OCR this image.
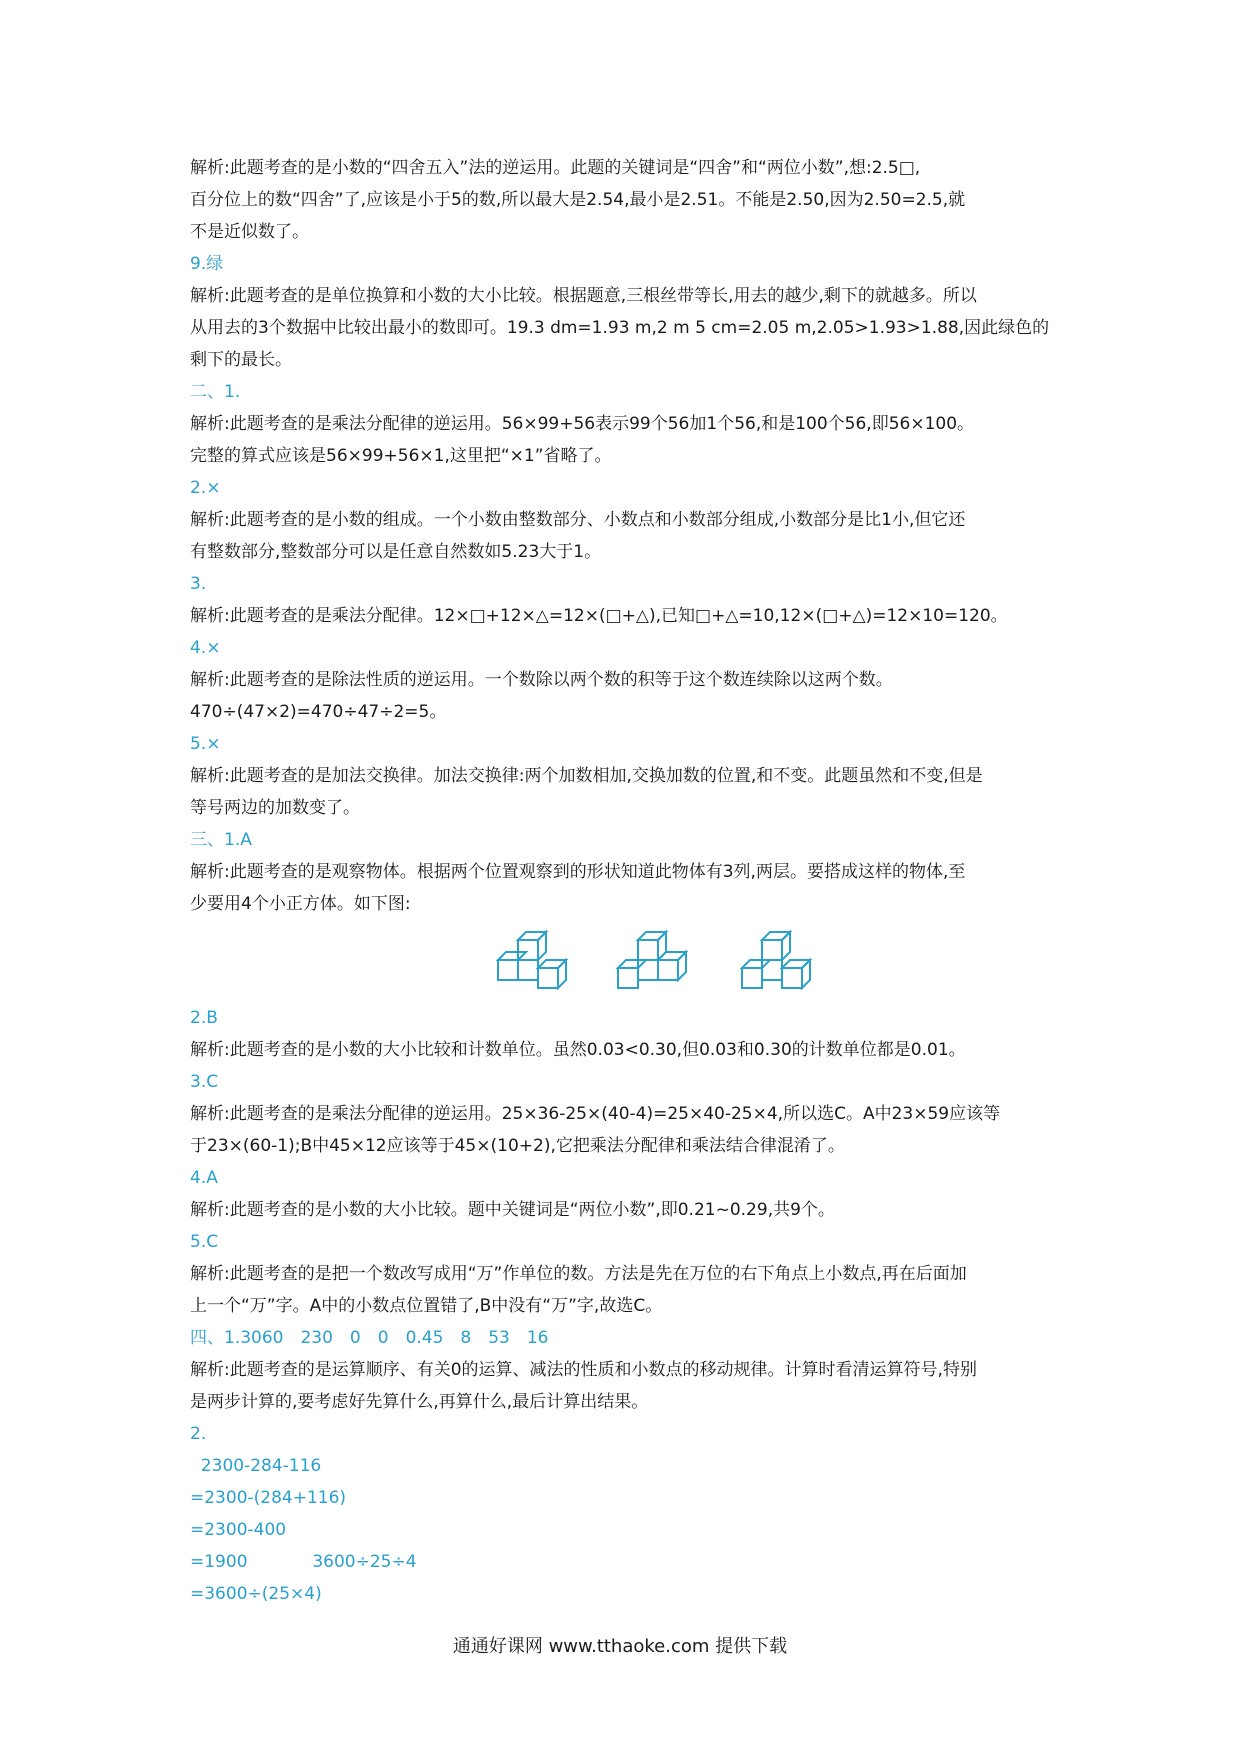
解析:此题考查的是小数的“四舍五入”法的逆运用。此题的关键词是“四舍”和“两位小数”,想:2.5□,
百分位上的数“四舍”了,应该是小于5的数,所以最大是2.54,最小是2.51。不能是2.50,因为2.50=2.5,就
不是近似数了。
9.绿
解析:此题考查的是单位换算和小数的大小比较。根据题意,三根丝带等长,用去的越少,剩下的就越多。所以
从用去的3个数据中比较出最小的数即可。19.3 dm=1.93 m,2 m 5 cm=2.05 m,2.05>1.93>1.88,因此绿色的
剩下的最长。
二、1.
解析:此题考查的是乘法分配律的逆运用。56×99+56表示99个56加1个56,和是100个56,即56×100。
完整的算式应该是56×99+56×1,这里把“×1”省略了。
2.×
解析:此题考查的是小数的组成。一个小数由整数部分、小数点和小数部分组成,小数部分是比1小,但它还
有整数部分,整数部分可以是任意自然数如5.23大于1。
3.
解析:此题考查的是乘法分配律。12×□+12×△=12×(□+△),已知□+△=10,12×(□+△)=12×10=120。
4.×
解析:此题考查的是除法性质的逆运用。一个数除以两个数的积等于这个数连续除以这两个数。
470÷(47×2)=470÷47÷2=5。
5.×
解析:此题考查的是加法交换律。加法交换律:两个加数相加,交换加数的位置,和不变。此题虽然和不变,但是
等号两边的加数变了。
三、1.A
解析:此题考查的是观察物体。根据两个位置观察到的形状知道此物体有3列,两层。要搭成这样的物体,至
少要用4个小正方体。如下图:
2.B
解析:此题考查的是小数的大小比较和计数单位。虽然0.03<0.30,但0.03和0.30的计数单位都是0.01。
3.C
解析:此题考查的是乘法分配律的逆运用。25×36-25×(40-4)=25×40-25×4,所以选C。A中23×59应该等
于23×(60-1);B中45×12应该等于45×(10+2),它把乘法分配律和乘法结合律混淆了。
4.A
解析:此题考查的是小数的大小比较。题中关键词是“两位小数”,即0.21~0.29,共9个。
5.C
解析:此题考查的是把一个数改写成用“万”作单位的数。方法是先在万位的右下角点上小数点,再在后面加
上一个“万”字。A中的小数点位置错了,B中没有“万”字,故选C。
四、1.3060　230　0　0　0.45　8　53　16
解析:此题考查的是运算顺序、有关0的运算、减法的性质和小数点的移动规律。计算时看清运算符号,特别
是两步计算的,要考虑好先算什么,再算什么,最后计算出结果。
2.
2300-284-116
=2300-(284+116)
=2300-400
=1900            3600÷25÷4
=3600÷(25×4)
通通好课网 www.tthaoke.com 提供下载
